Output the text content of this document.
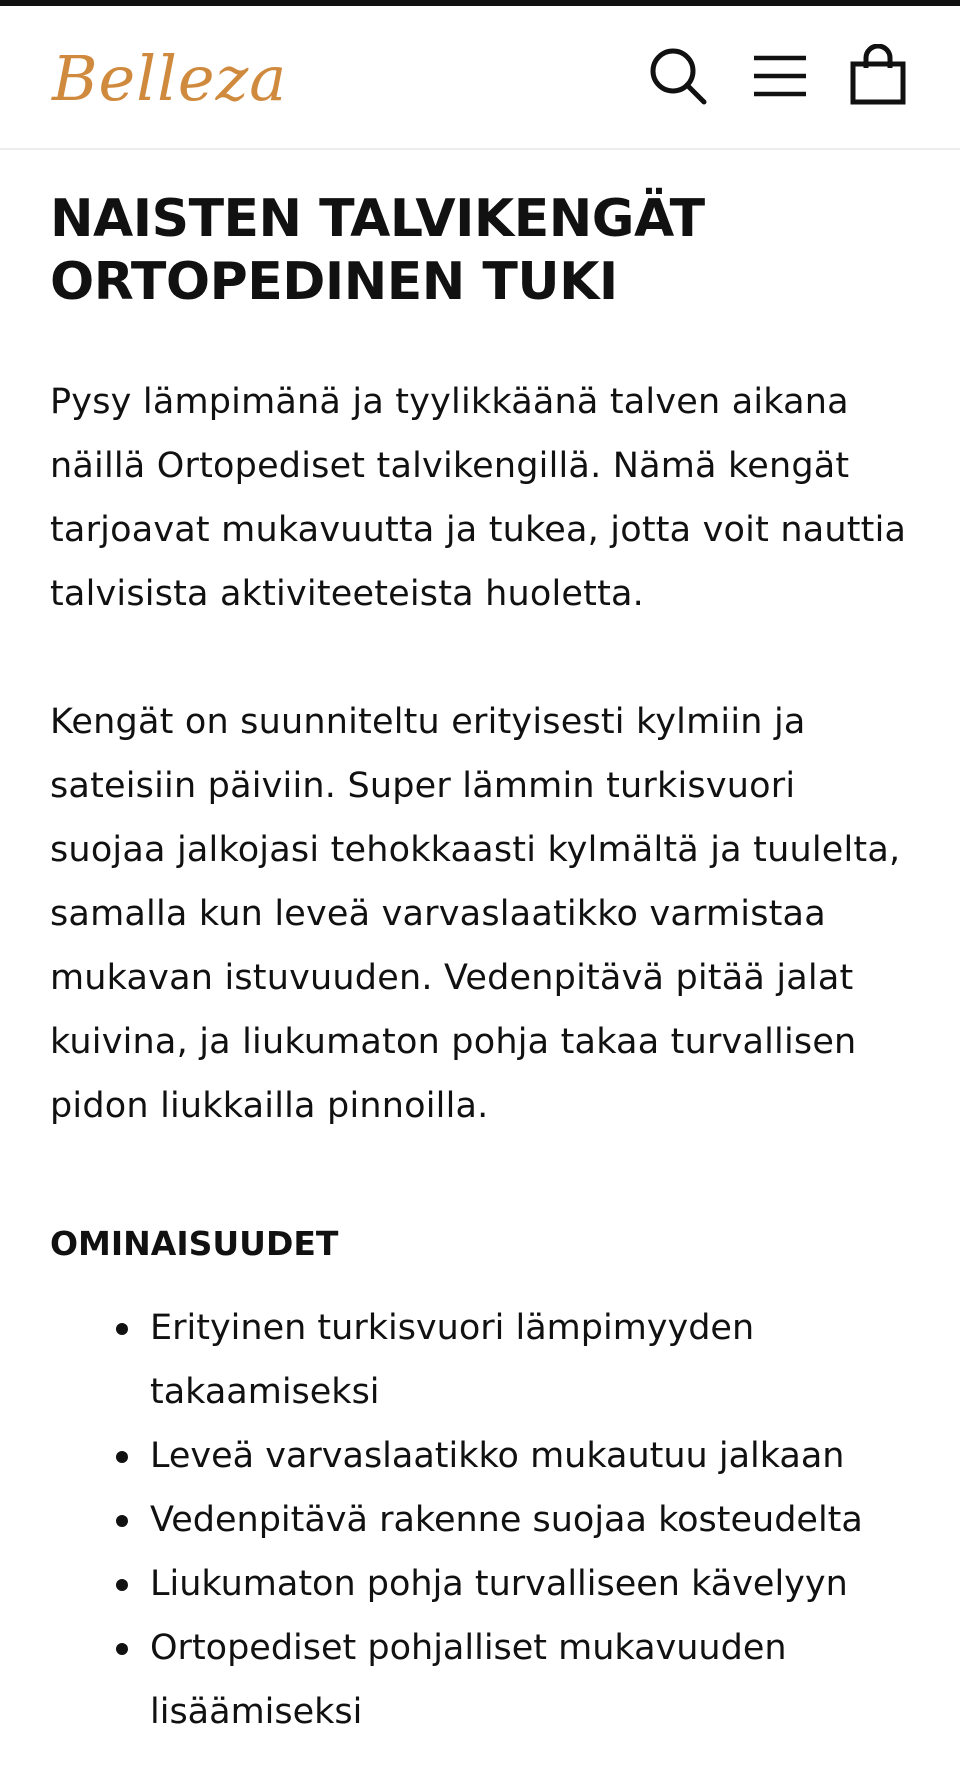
Belleza
NAISTEN TALVIKENGÄT
ORTOPEDINEN TUKI

Pysy lämpimänä ja tyylikkäänä talven aikana näillä Ortopediset talvikengillä. Nämä kengät tarjoavat mukavuutta ja tukea, jotta voit nauttia talvisista aktiviteeteista huoletta.

Kengät on suunniteltu erityisesti kylmiin ja sateisiin päiviin. Super lämmin turkisvuori suojaa jalkojasi tehokkaasti kylmältä ja tuulelta, samalla kun leveä varvaslaatikko varmistaa mukavan istuvuuden. Vedenpitävä pitää jalat kuivina, ja liukumaton pohja takaa turvallisen pidon liukkailla pinnoilla.

OMINAISUUDET
Erityinen turkisvuori lämpimyyden takaamiseksi
Leveä varvaslaatikko mukautuu jalkaan
Vedenpitävä rakenne suojaa kosteudelta
Liukumaton pohja turvalliseen kävelyyn
Ortopediset pohjalliset mukavuuden lisäämiseksi
